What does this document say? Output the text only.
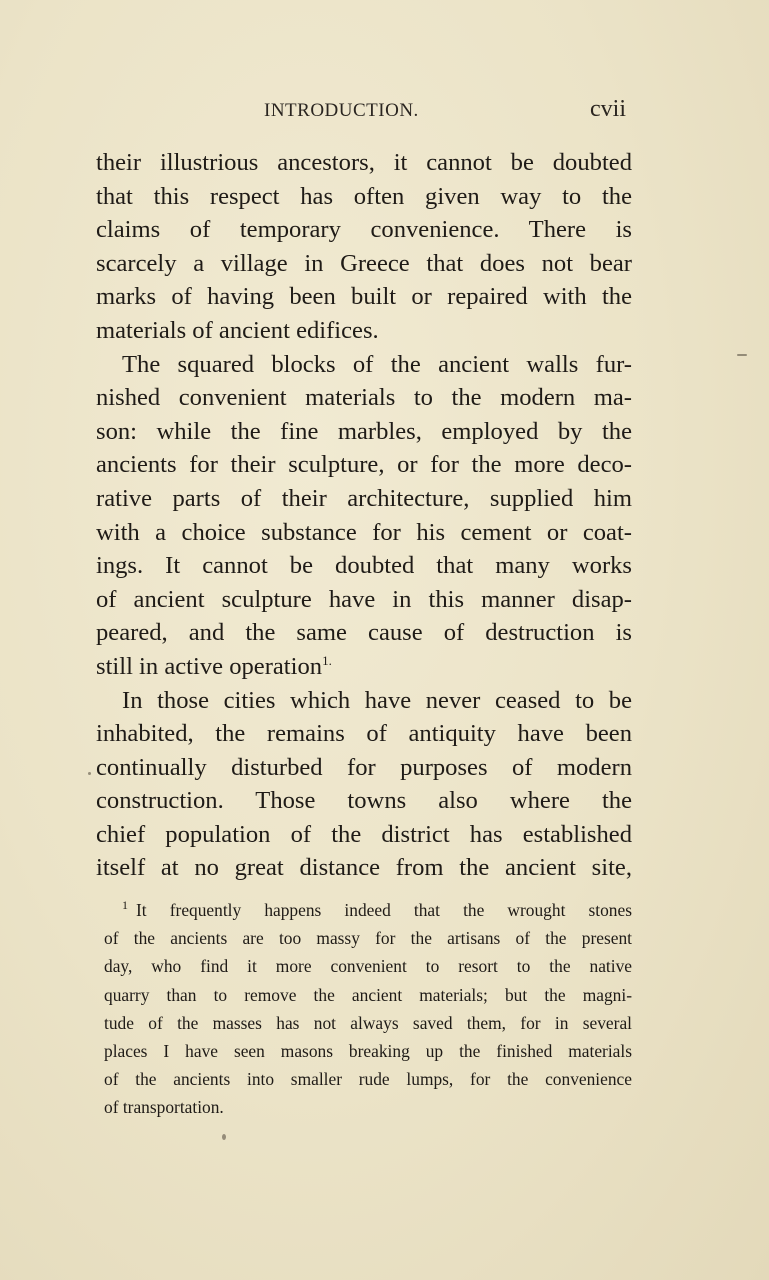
INTRODUCTION.	cvii
their illustrious ancestors, it cannot be doubted
that this respect has often given way to the
claims of temporary convenience. There is
scarcely a village in Greece that does not bear
marks of having been built or repaired with the
materials of ancient edifices.
The squared blocks of the ancient walls fur-
nished convenient materials to the modern ma-
son: while the fine marbles, employed by the
ancients for their sculpture, or for the more deco-
rative parts of their architecture, supplied him
with a choice substance for his cement or coat-
ings. It cannot be doubted that many works
of ancient sculpture have in this manner disap-
peared, and the same cause of destruction is
still in active operation$^{1.}$
In those cities which have never ceased to be
inhabited, the remains of antiquity have been
continually disturbed for purposes of modern
construction. Those towns also where the
chief population of the district has established
itself at no great distance from the ancient site,
$^1$ It frequently happens indeed that the wrought stones
of the ancients are too massy for the artisans of the present
day, who find it more convenient to resort to the native
quarry than to remove the ancient materials; but the magni-
tude of the masses has not always saved them, for in several
places I have seen masons breaking up the finished materials
of the ancients into smaller rude lumps, for the convenience
of transportation.
